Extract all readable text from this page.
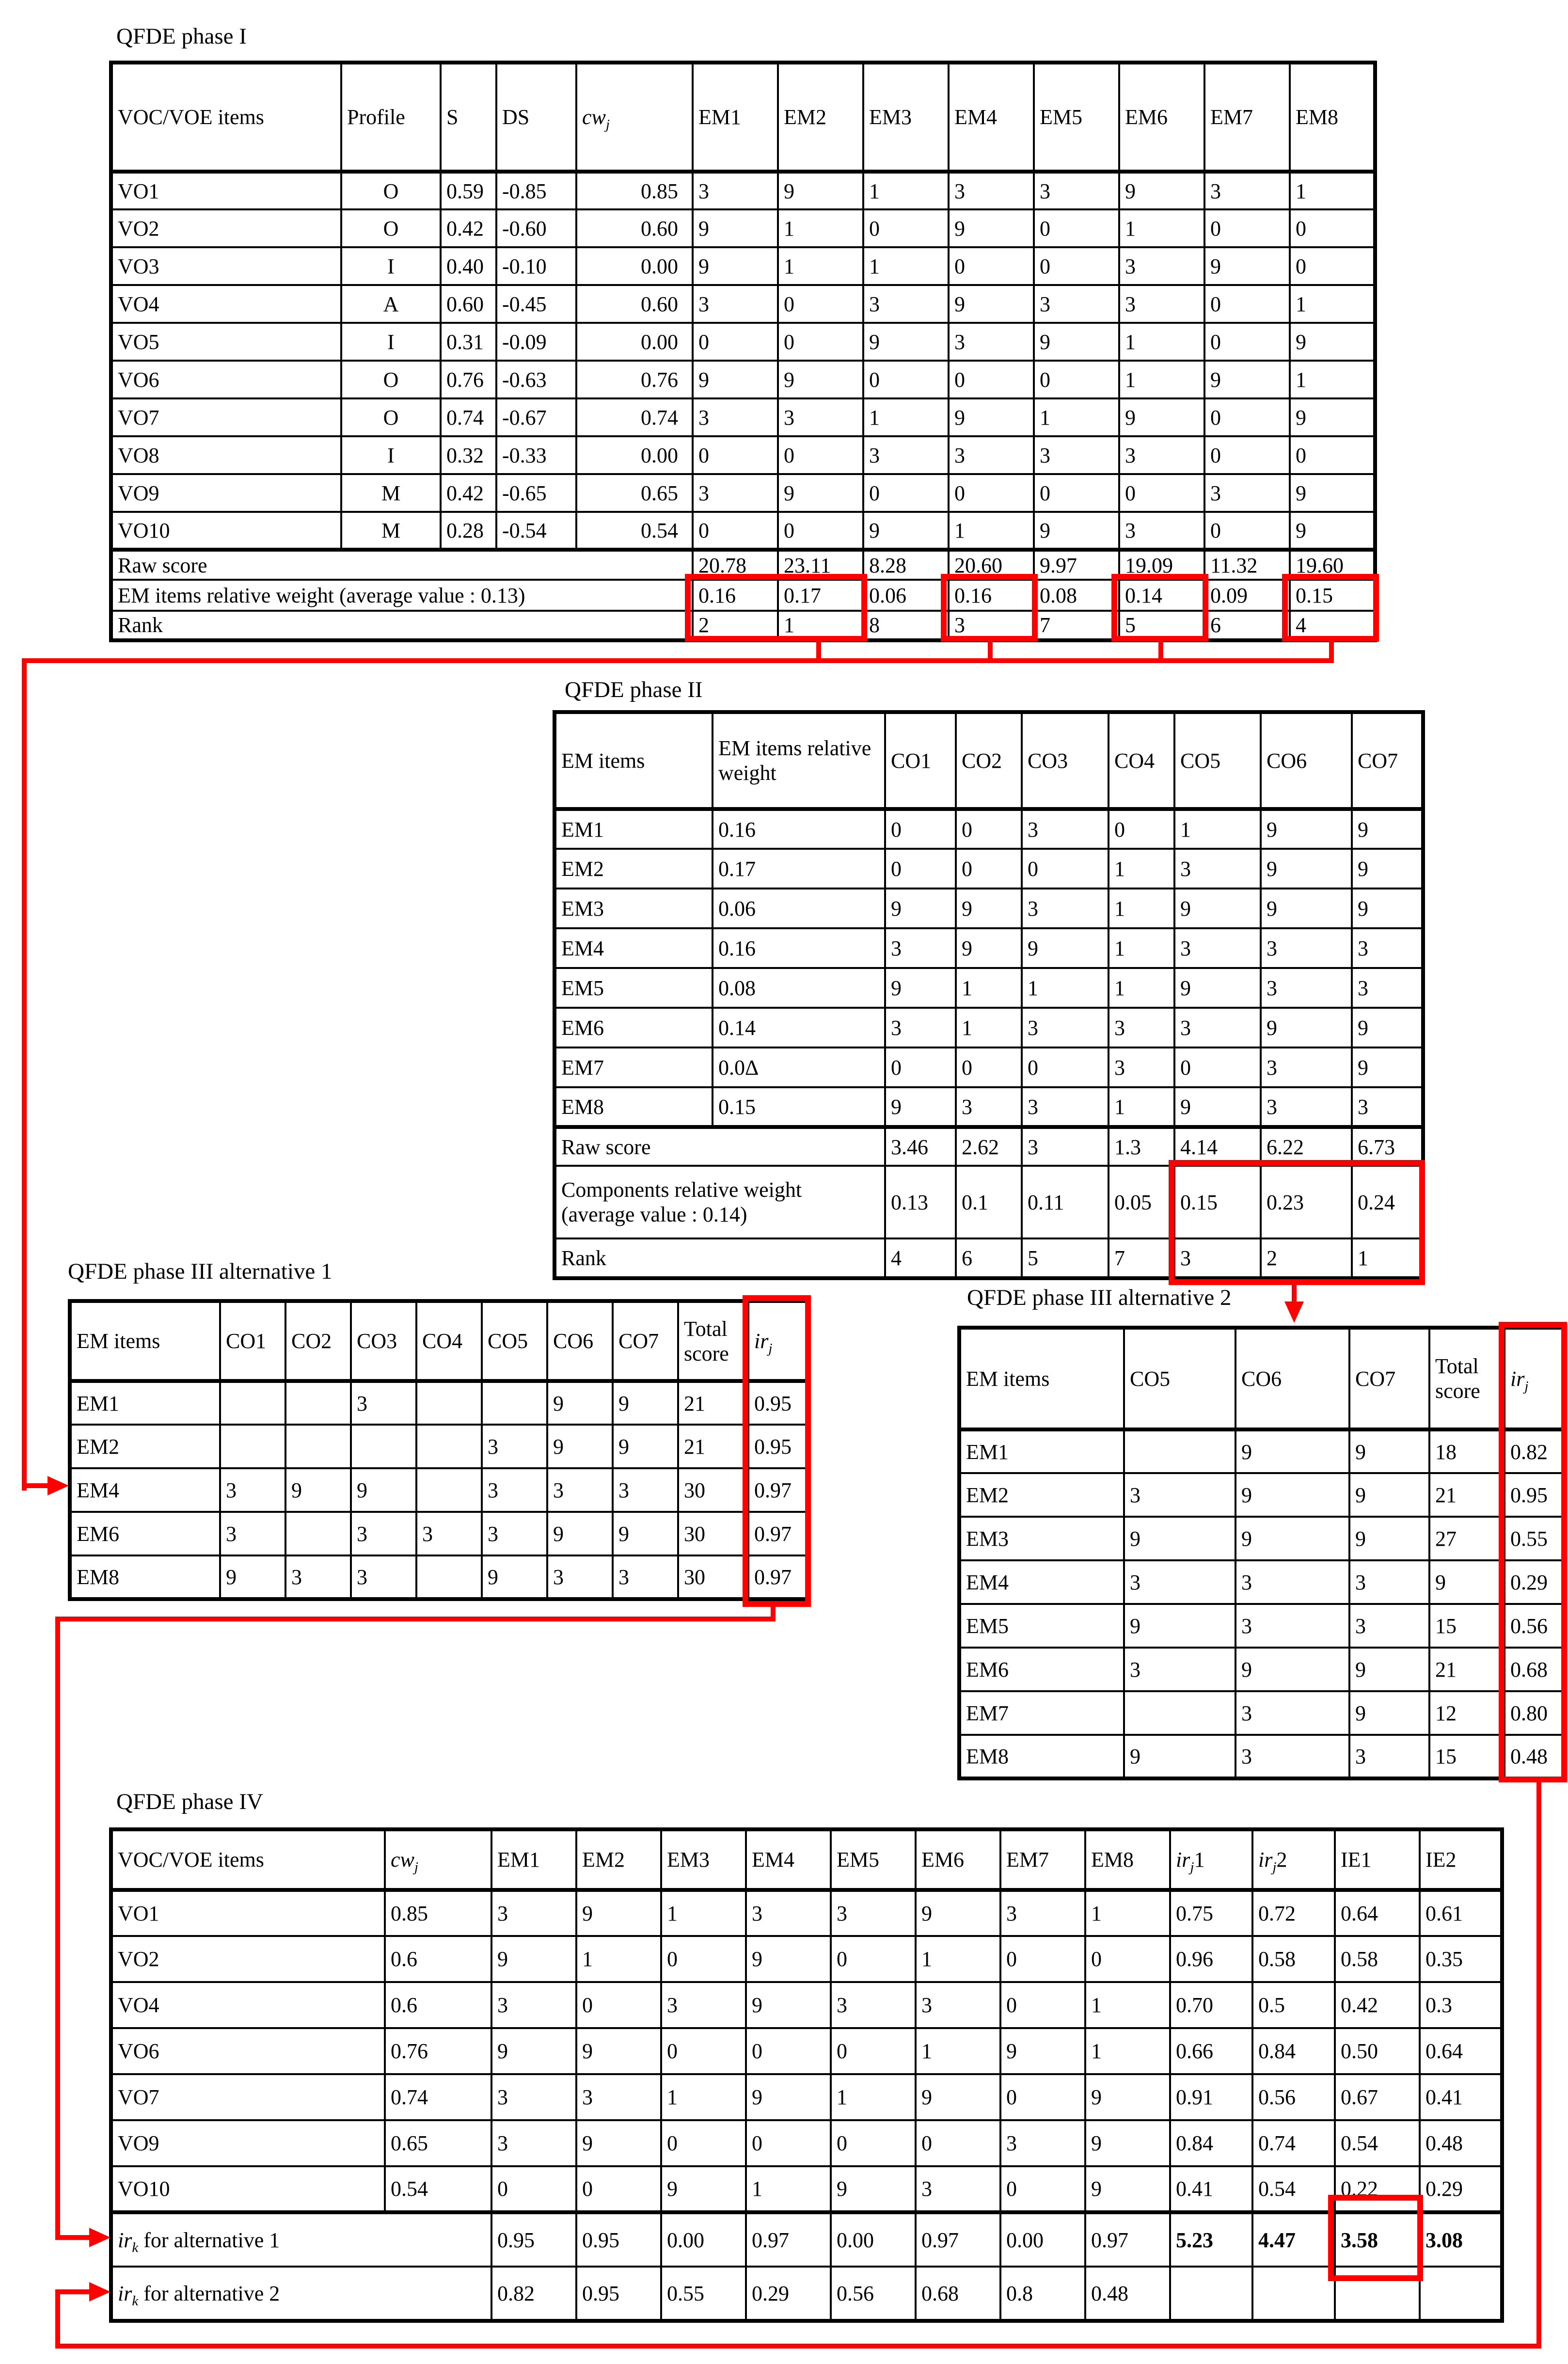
QFDE phase I
QFDE phase II
QFDE phase III alternative 1
QFDE phase III alternative 2
QFDE phase IV
VOC/VOE items	Profile	S	DS	$cw_j$	EM1	EM2	EM3	EM4	EM5	EM6	EM7	EM8
VO1	O	0.59	-0.85	0.85	3	9	1	3	3	9	3	1
VO2	O	0.42	-0.60	0.60	9	1	0	9	0	1	0	0
VO3	I	0.40	-0.10	0.00	9	1	1	0	0	3	9	0
VO4	A	0.60	-0.45	0.60	3	0	3	9	3	3	0	1
VO5	I	0.31	-0.09	0.00	0	0	9	3	9	1	0	9
VO6	O	0.76	-0.63	0.76	9	9	0	0	0	1	9	1
VO7	O	0.74	-0.67	0.74	3	3	1	9	1	9	0	9
VO8	I	0.32	-0.33	0.00	0	0	3	3	3	3	0	0
VO9	M	0.42	-0.65	0.65	3	9	0	0	0	0	3	9
VO10	M	0.28	-0.54	0.54	0	0	9	1	9	3	0	9
Raw score					20.78	23.11	8.28	20.60	9.97	19.09	11.32	19.60
EM items relative weight (average value : 0.13)					0.16	0.17	0.06	0.16	0.08	0.14	0.09	0.15
Rank					2	1	8	3	7	5	6	4
EM items	EM items relative weight	CO1	CO2	CO3	CO4	CO5	CO6	CO7
EM1	0.16	0	0	3	0	1	9	9
EM2	0.17	0	0	0	1	3	9	9
EM3	0.06	9	9	3	1	9	9	9
EM4	0.16	3	9	9	1	3	3	3
EM5	0.08	9	1	1	1	9	3	3
EM6	0.14	3	1	3	3	3	9	9
EM7	0.0Δ	0	0	0	3	0	3	9
EM8	0.15	9	3	3	1	9	3	3
Raw score		3.46	2.62	3	1.3	4.14	6.22	6.73
Components relative weight
(average value : 0.14)		0.13	0.1	0.11	0.05	0.15	0.23	0.24
Rank		4	6	5	7	3	2	1
EM items	CO1	CO2	CO3	CO4	CO5	CO6	CO7	Total score	$ir_j$
EM1			3			9	9	21	0.95
EM2					3	9	9	21	0.95
EM4	3	9	9		3	3	3	30	0.97
EM6	3		3	3	3	9	9	30	0.97
EM8	9	3	3		9	3	3	30	0.97
EM items	CO5	CO6	CO7	Total score	$ir_j$
EM1		9	9	18	0.82
EM2	3	9	9	21	0.95
EM3	9	9	9	27	0.55
EM4	3	3	3	9	0.29
EM5	9	3	3	15	0.56
EM6	3	9	9	21	0.68
EM7		3	9	12	0.80
EM8	9	3	3	15	0.48
VOC/VOE items	$cw_j$	EM1	EM2	EM3	EM4	EM5	EM6	EM7	EM8	$ir_j1$	$ir_j2$	IE1	IE2
VO1	0.85	3	9	1	3	3	9	3	1	0.75	0.72	0.64	0.61
VO2	0.6	9	1	0	9	0	1	0	0	0.96	0.58	0.58	0.35
VO4	0.6	3	0	3	9	3	3	0	1	0.70	0.5	0.42	0.3
VO6	0.76	9	9	0	0	0	1	9	1	0.66	0.84	0.50	0.64
VO7	0.74	3	3	1	9	1	9	0	9	0.91	0.56	0.67	0.41
VO9	0.65	3	9	0	0	0	0	3	9	0.84	0.74	0.54	0.48
VO10	0.54	0	0	9	1	9	3	0	9	0.41	0.54	0.22	0.29
$ir_k$ for alternative 1		0.95	0.95	0.00	0.97	0.00	0.97	0.00	0.97	5.23	4.47	3.58	3.08
$ir_k$ for alternative 2		0.82	0.95	0.55	0.29	0.56	0.68	0.8	0.48				
